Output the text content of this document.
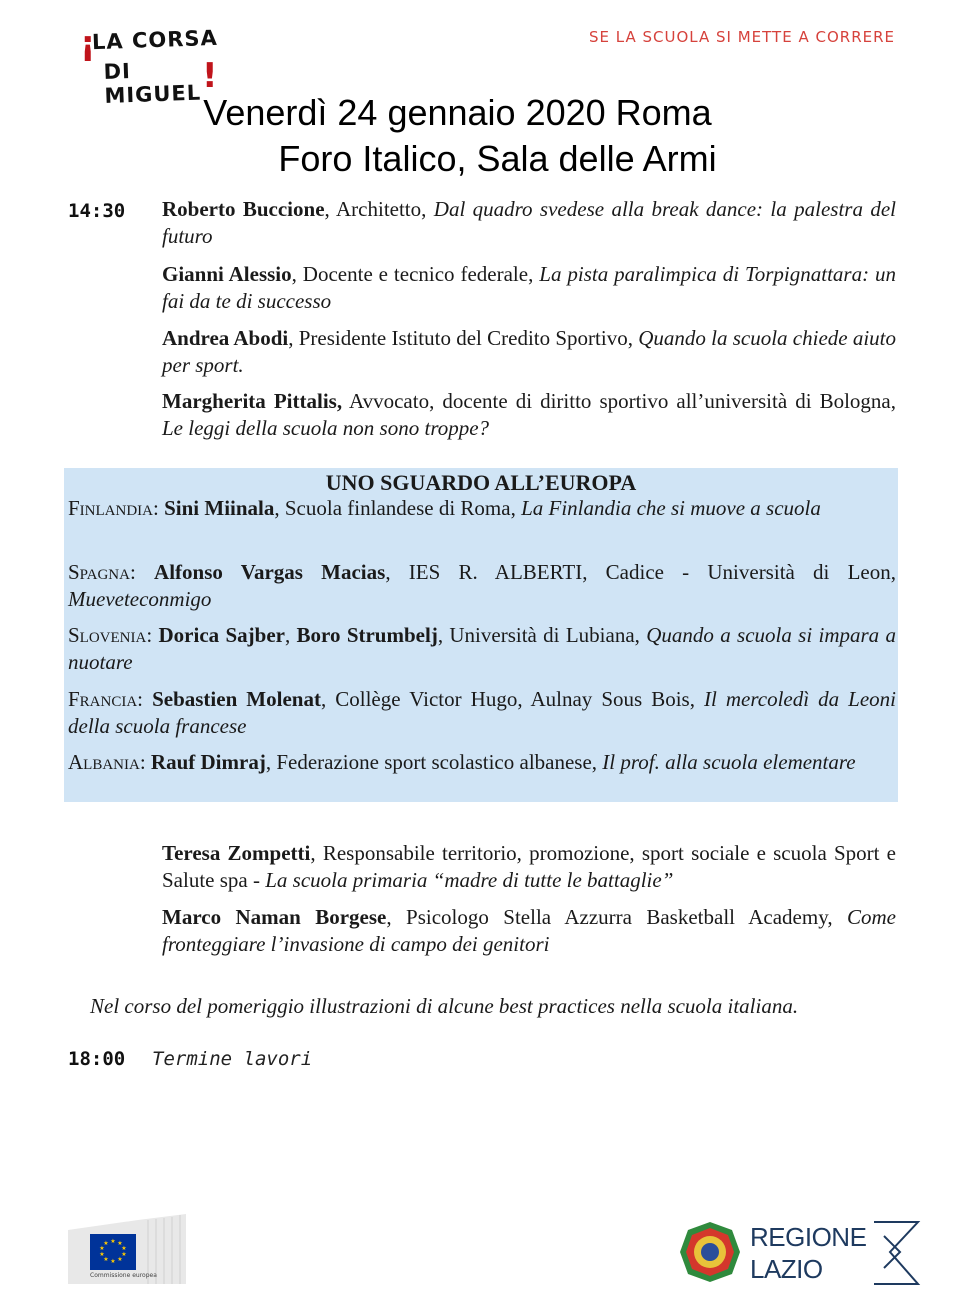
¡
LA CORSA
DI MIGUEL !
SE LA SCUOLA SI METTE A CORRERE
Venerdì 24 gennaio 2020 Roma
Foro Italico, Sala delle Armi
14:30 Roberto Buccione, Architetto, Dal quadro svedese alla break dance: la palestra del futuro
Gianni Alessio, Docente e tecnico federale, La pista paralimpica di Torpignattara: un fai da te di successo
Andrea Abodi, Presidente Istituto del Credito Sportivo, Quando la scuola chiede aiuto per sport.
Margherita Pittalis, Avvocato, docente di diritto sportivo all’università di Bologna, Le leggi della scuola non sono troppe?
UNO SGUARDO ALL’EUROPA
Finlandia: Sini Miinala, Scuola finlandese di Roma, La Finlandia che si muove a scuola
Spagna: Alfonso Vargas Macias, IES R. ALBERTI, Cadice - Università di Leon, Mueveteconmigo
Slovenia: Dorica Sajber, Boro Strumbelj, Università di Lubiana, Quando a scuola si impara a nuotare
Francia: Sebastien Molenat, Collège Victor Hugo, Aulnay Sous Bois, Il mercoledì da Leoni della scuola francese
Albania: Rauf Dimraj, Federazione sport scolastico albanese, Il prof. alla scuola elementare
Teresa Zompetti, Responsabile territorio, promozione, sport sociale e scuola Sport e Salute spa - La scuola primaria “madre di tutte le battaglie”
Marco Naman Borgese, Psicologo Stella Azzurra Basketball Academy, Come fronteggiare l’invasione di campo dei genitori
Nel corso del pomeriggio illustrazioni di alcune best practices nella scuola italiana.
18:00 Termine lavori
★ ★
★
★
★
★
★
★
★
★
Commissione europea
REGIONE
LAZIO
